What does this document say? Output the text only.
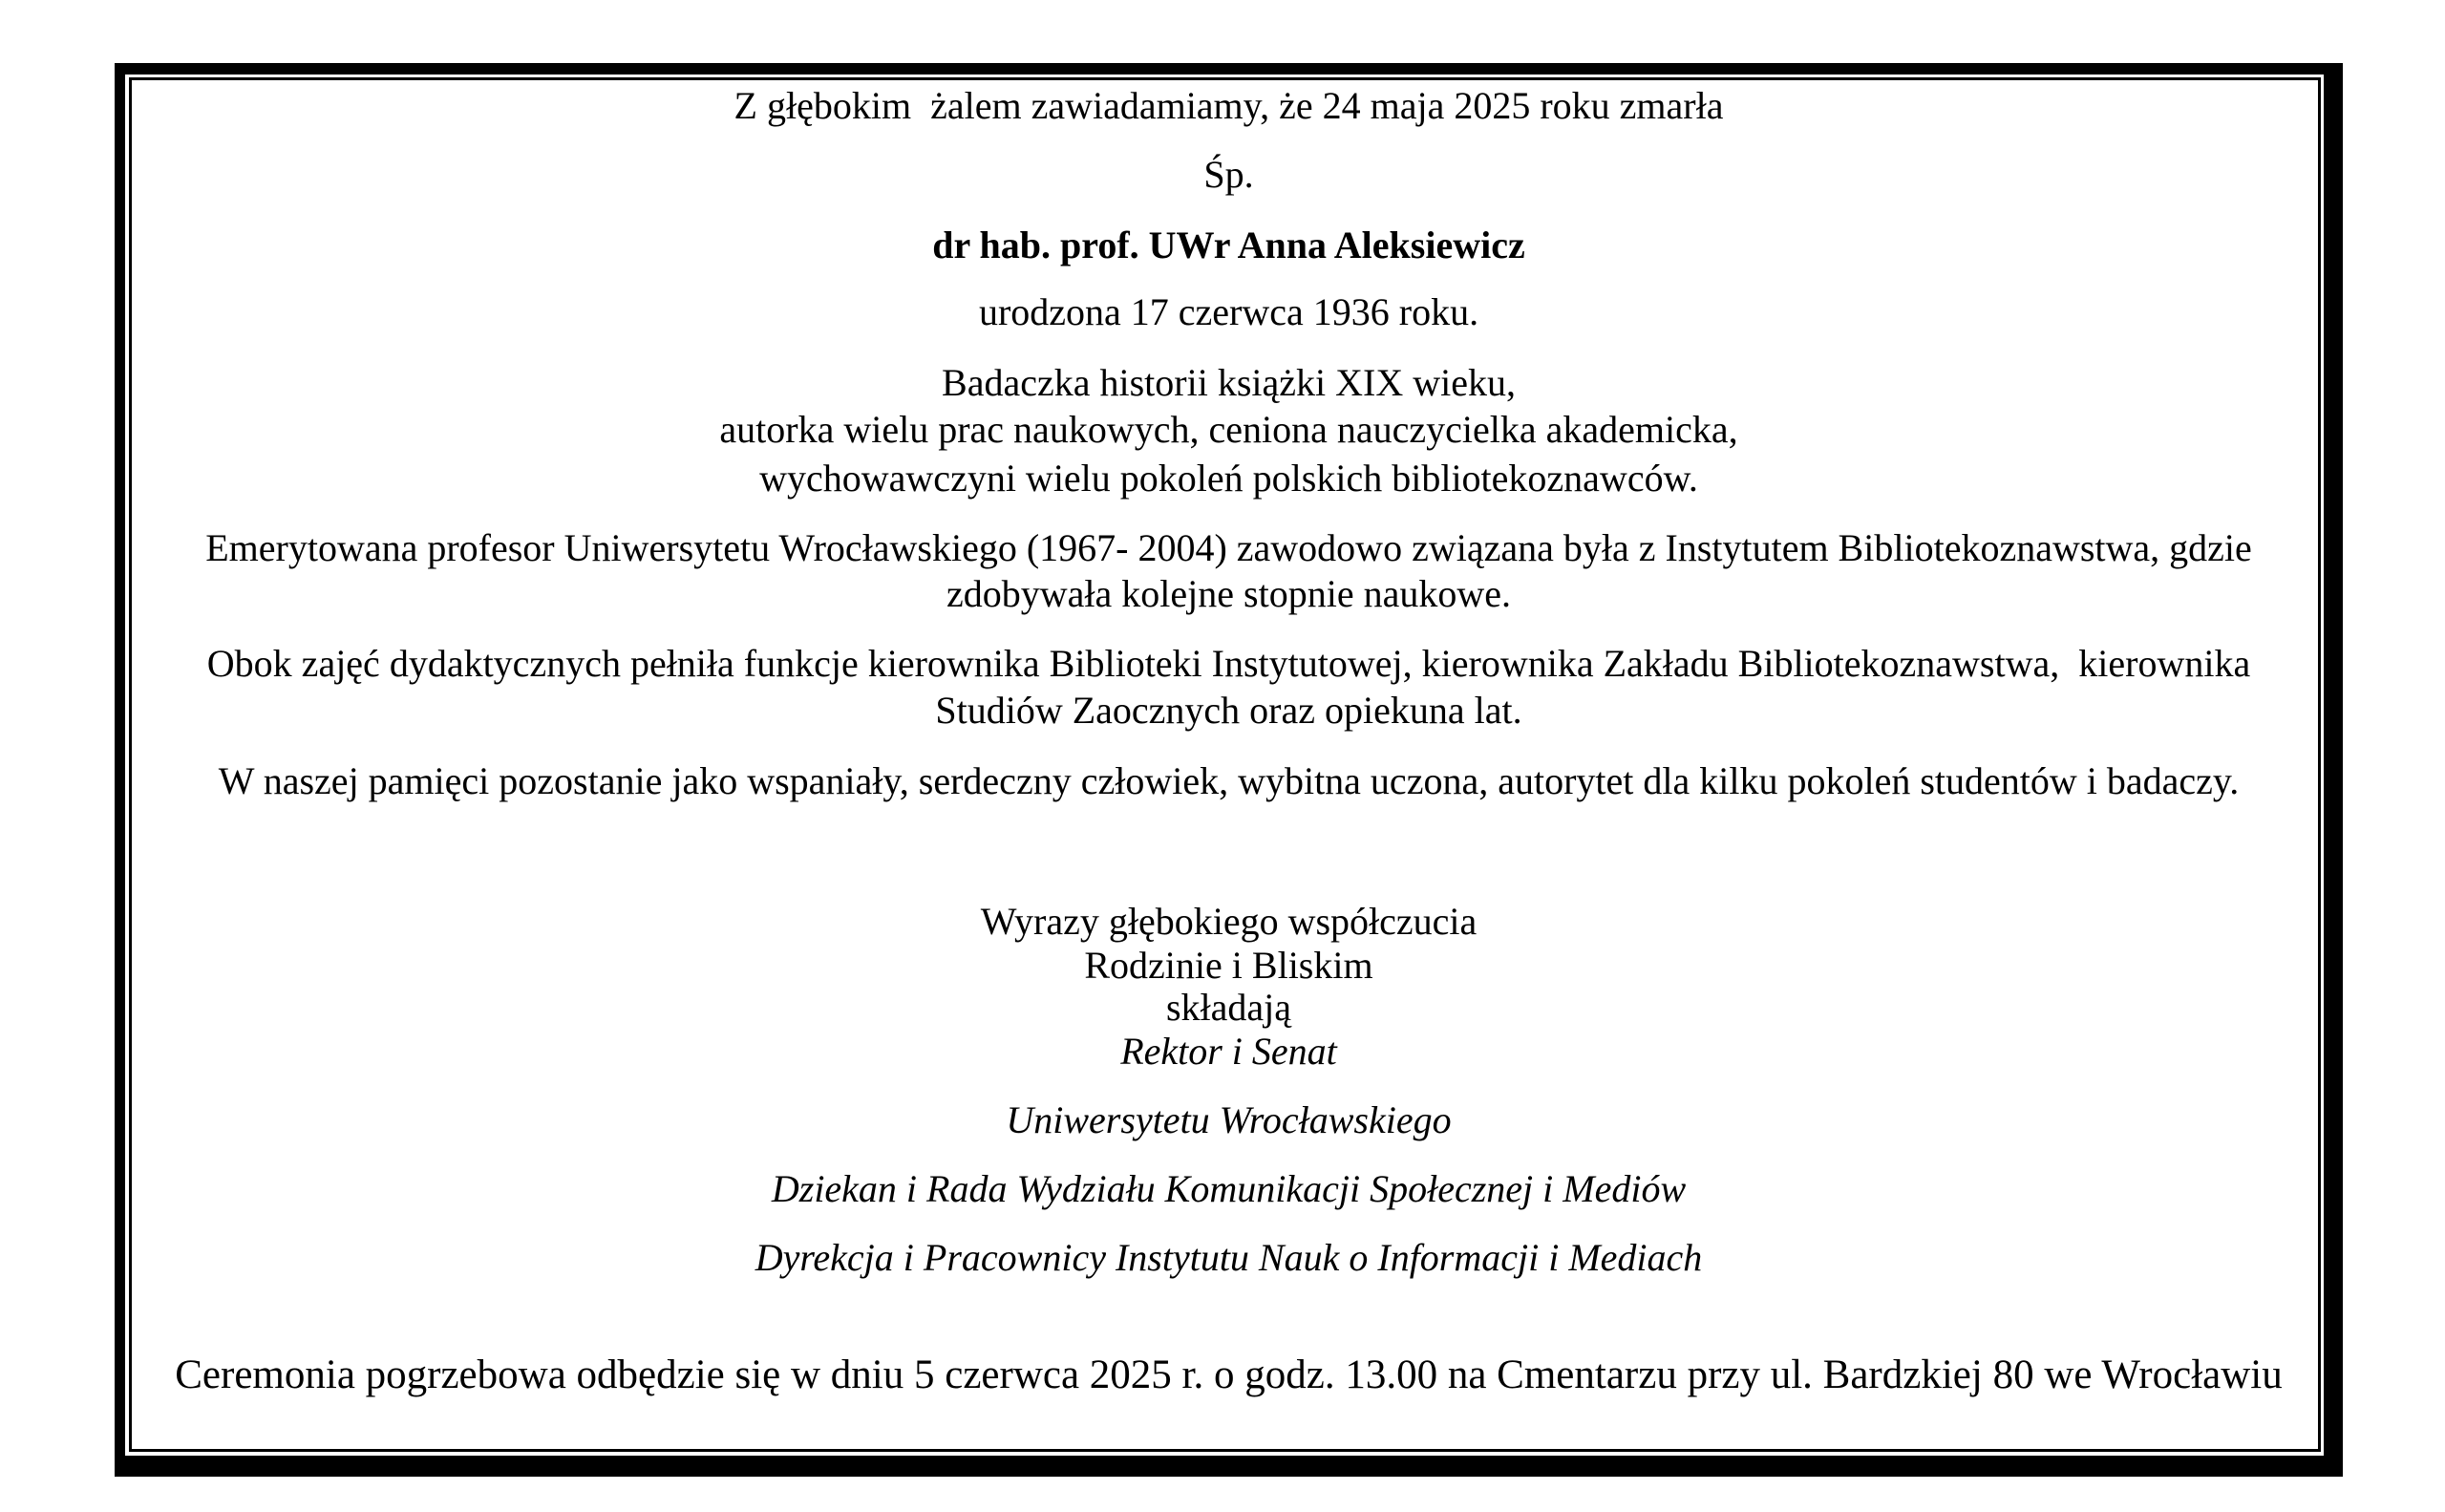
Z głębokim  żalem zawiadamiamy, że 24 maja 2025 roku zmarła
Śp.
dr hab. prof. UWr Anna Aleksiewicz
urodzona 17 czerwca 1936 roku.
Badaczka historii książki XIX wieku,
autorka wielu prac naukowych, ceniona nauczycielka akademicka,
wychowawczyni wielu pokoleń polskich bibliotekoznawców.
Emerytowana profesor Uniwersytetu Wrocławskiego (1967- 2004) zawodowo związana była z Instytutem Bibliotekoznawstwa, gdzie
zdobywała kolejne stopnie naukowe.
Obok zajęć dydaktycznych pełniła funkcje kierownika Biblioteki Instytutowej, kierownika Zakładu Bibliotekoznawstwa,  kierownika
Studiów Zaocznych oraz opiekuna lat.
W naszej pamięci pozostanie jako wspaniały, serdeczny człowiek, wybitna uczona, autorytet dla kilku pokoleń studentów i badaczy.
Wyrazy głębokiego współczucia
Rodzinie i Bliskim
składają
Rektor i Senat
Uniwersytetu Wrocławskiego
Dziekan i Rada Wydziału Komunikacji Społecznej i Mediów
Dyrekcja i Pracownicy Instytutu Nauk o Informacji i Mediach
Ceremonia pogrzebowa odbędzie się w dniu 5 czerwca 2025 r. o godz. 13.00 na Cmentarzu przy ul. Bardzkiej 80 we Wrocławiu
